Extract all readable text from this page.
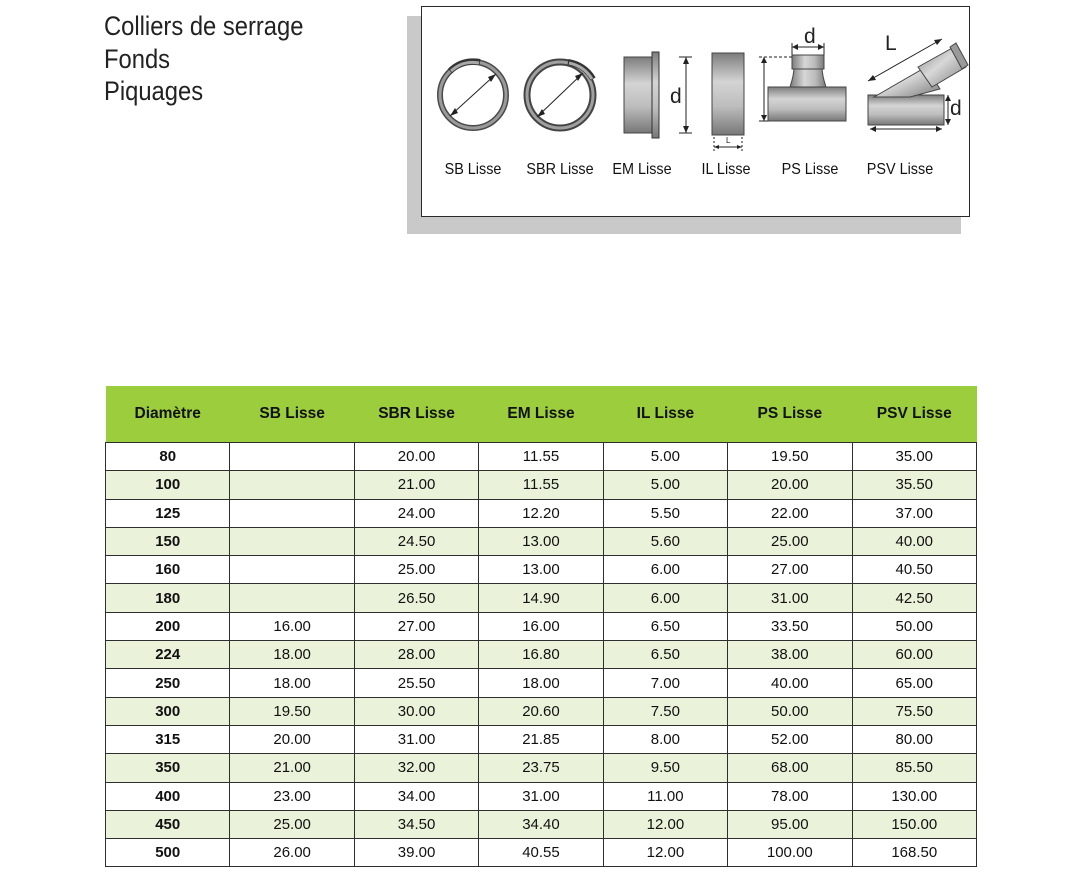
Colliers de serrage
Fonds
Piquages	d
L
d	L
d
SB Lisse SBR Lisse EM Lisse IL Lisse PS Lisse PSV Lisse
Diamètre	SB Lisse	SBR Lisse	EM Lisse	IL Lisse	PS Lisse	PSV Lisse
80		20.00	11.55	5.00	19.50	35.00
100		21.00	11.55	5.00	20.00	35.50
125		24.00	12.20	5.50	22.00	37.00
150		24.50	13.00	5.60	25.00	40.00
160		25.00	13.00	6.00	27.00	40.50
180		26.50	14.90	6.00	31.00	42.50
200	16.00	27.00	16.00	6.50	33.50	50.00
224	18.00	28.00	16.80	6.50	38.00	60.00
250	18.00	25.50	18.00	7.00	40.00	65.00
300	19.50	30.00	20.60	7.50	50.00	75.50
315	20.00	31.00	21.85	8.00	52.00	80.00
350	21.00	32.00	23.75	9.50	68.00	85.50
400	23.00	34.00	31.00	11.00	78.00	130.00
450	25.00	34.50	34.40	12.00	95.00	150.00
500	26.00	39.00	40.55	12.00	100.00	168.50
